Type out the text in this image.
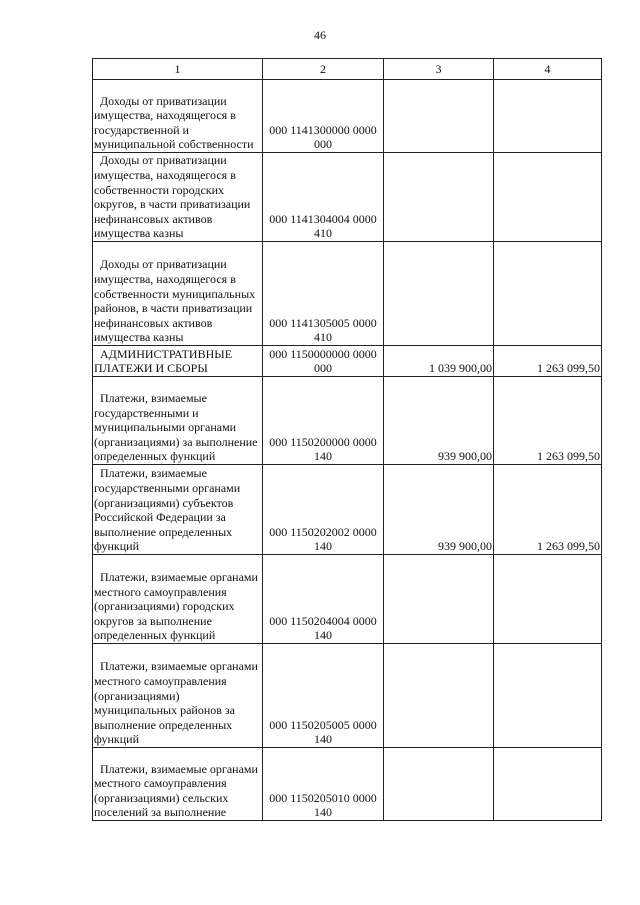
46
1	2	3	4

Доходы от приватизации имущества, находящегося в государственной и муниципальной собственности	000 1141300000 0000 000		

Доходы от приватизации имущества, находящегося в собственности городских округов, в части приватизации нефинансовых активов имущества казны	000 1141304004 0000 410		

Доходы от приватизации имущества, находящегося в собственности муниципальных районов, в части приватизации нефинансовых активов имущества казны	000 1141305005 0000 410		

АДМИНИСТРАТИВНЫЕ ПЛАТЕЖИ И СБОРЫ	000 1150000000 0000 000	1 039 900,00	1 263 099,50

Платежи, взимаемые государственными и муниципальными органами (организациями) за выполнение определенных функций	000 1150200000 0000 140	939 900,00	1 263 099,50

Платежи, взимаемые государственными органами (организациями) субъектов Российской Федерации за выполнение определенных функций	000 1150202002 0000 140	939 900,00	1 263 099,50

Платежи, взимаемые органами местного самоуправления (организациями) городских округов за выполнение определенных функций	000 1150204004 0000 140		

Платежи, взимаемые органами местного самоуправления (организациями) муниципальных районов за выполнение определенных функций	000 1150205005 0000 140		

Платежи, взимаемые органами местного самоуправления (организациями) сельских поселений за выполнение	000 1150205010 0000 140		
